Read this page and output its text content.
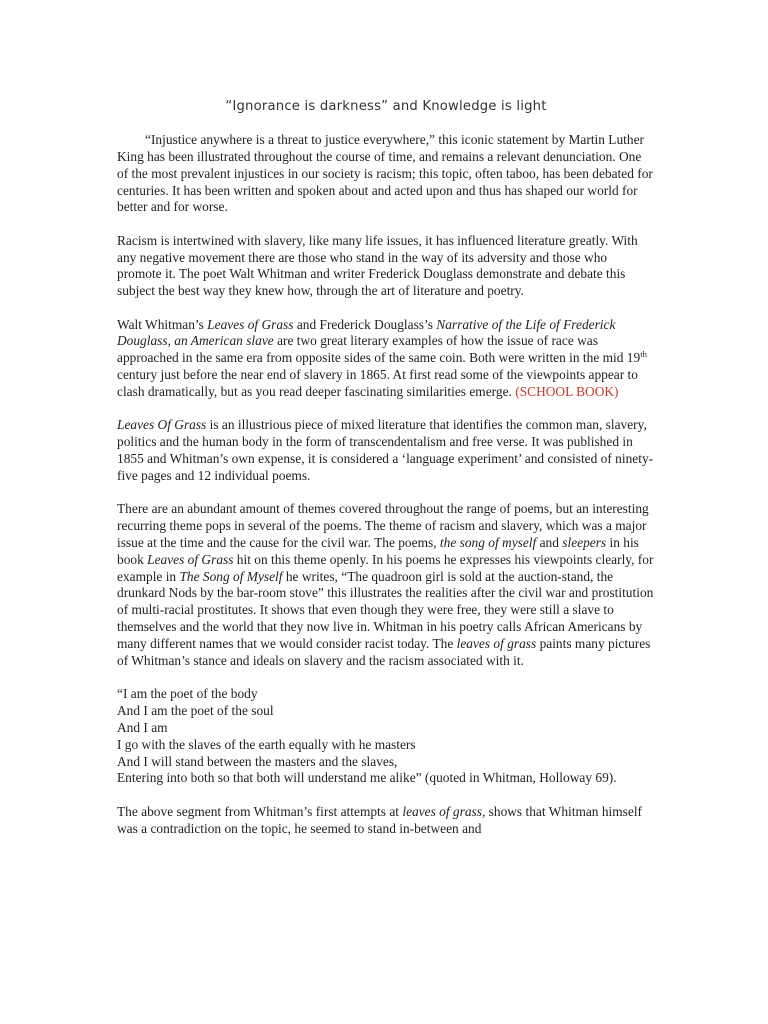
“Ignorance is darkness” and Knowledge is light

“Injustice anywhere is a threat to justice everywhere,” this iconic statement by Martin Luther King has been illustrated throughout the course of time, and remains a relevant denunciation. One of the most prevalent injustices in our society is racism; this topic, often taboo, has been debated for centuries. It has been written and spoken about and acted upon and thus has shaped our world for better and for worse.

Racism is intertwined with slavery, like many life issues, it has influenced literature greatly. With any negative movement there are those who stand in the way of its adversity and those who promote it. The poet Walt Whitman and writer Frederick Douglass demonstrate and debate this subject the best way they knew how, through the art of literature and poetry.

Walt Whitman’s Leaves of Grass and Frederick Douglass’s Narrative of the Life of Frederick Douglass, an American slave are two great literary examples of how the issue of race was approached in the same era from opposite sides of the same coin. Both were written in the mid 19th century just before the near end of slavery in 1865. At first read some of the viewpoints appear to clash dramatically, but as you read deeper fascinating similarities emerge. (SCHOOL BOOK)

Leaves Of Grass is an illustrious piece of mixed literature that identifies the common man, slavery, politics and the human body in the form of transcendentalism and free verse. It was published in 1855 and Whitman’s own expense, it is considered a ‘language experiment’ and consisted of ninety-five pages and 12 individual poems.

There are an abundant amount of themes covered throughout the range of poems, but an interesting recurring theme pops in several of the poems. The theme of racism and slavery, which was a major issue at the time and the cause for the civil war. The poems, the song of myself and sleepers in his book Leaves of Grass hit on this theme openly. In his poems he expresses his viewpoints clearly, for example in The Song of Myself he writes, “The quadroon girl is sold at the auction-stand, the drunkard Nods by the bar-room stove” this illustrates the realities after the civil war and prostitution of multi-racial prostitutes. It shows that even though they were free, they were still a slave to themselves and the world that they now live in. Whitman in his poetry calls African Americans by many different names that we would consider racist today. The leaves of grass paints many pictures of Whitman’s stance and ideals on slavery and the racism associated with it.

“I am the poet of the body
And I am the poet of the soul
And I am
I go with the slaves of the earth equally with he masters
And I will stand between the masters and the slaves,
Entering into both so that both will understand me alike” (quoted in Whitman, Holloway 69).

The above segment from Whitman’s first attempts at leaves of grass, shows that Whitman himself was a contradiction on the topic, he seemed to stand in-between and
